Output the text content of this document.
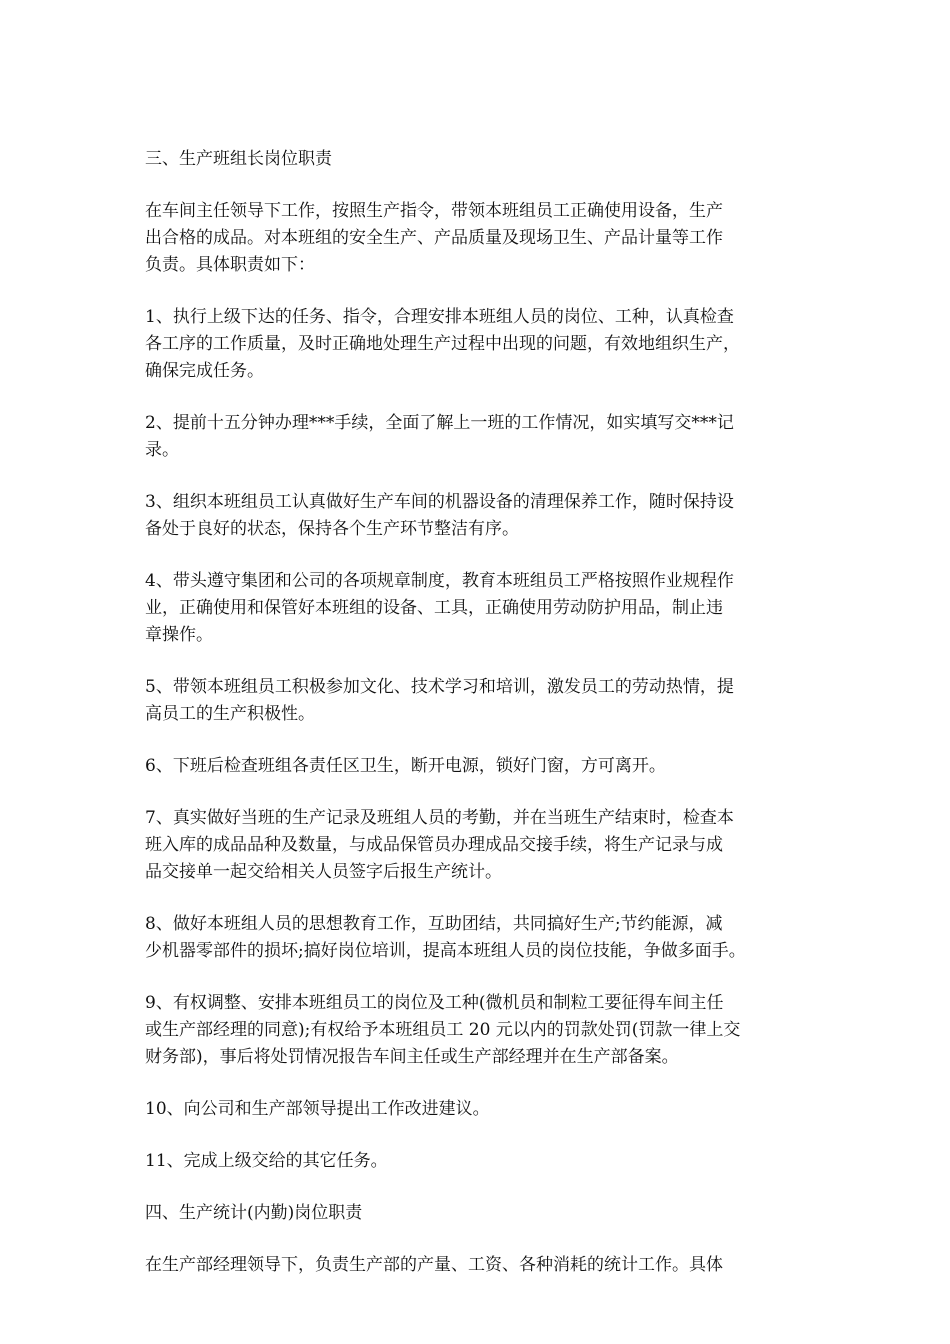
三、生产班组长岗位职责

在车间主任领导下工作，按照生产指令，带领本班组员工正确使用设备，生产
出合格的成品。对本班组的安全生产、产品质量及现场卫生、产品计量等工作
负责。具体职责如下：

1、执行上级下达的任务、指令，合理安排本班组人员的岗位、工种，认真检查
各工序的工作质量，及时正确地处理生产过程中出现的问题，有效地组织生产，
确保完成任务。

2、提前十五分钟办理***手续，全面了解上一班的工作情况，如实填写交***记
录。

3、组织本班组员工认真做好生产车间的机器设备的清理保养工作，随时保持设
备处于良好的状态，保持各个生产环节整洁有序。

4、带头遵守集团和公司的各项规章制度，教育本班组员工严格按照作业规程作
业，正确使用和保管好本班组的设备、工具，正确使用劳动防护用品，制止违
章操作。

5、带领本班组员工积极参加文化、技术学习和培训，激发员工的劳动热情，提
高员工的生产积极性。

6、下班后检查班组各责任区卫生，断开电源，锁好门窗，方可离开。

7、真实做好当班的生产记录及班组人员的考勤，并在当班生产结束时，检查本
班入库的成品品种及数量，与成品保管员办理成品交接手续，将生产记录与成
品交接单一起交给相关人员签字后报生产统计。

8、做好本班组人员的思想教育工作，互助团结，共同搞好生产;节约能源，减
少机器零部件的损坏;搞好岗位培训，提高本班组人员的岗位技能，争做多面手。

9、有权调整、安排本班组员工的岗位及工种(微机员和制粒工要征得车间主任
或生产部经理的同意);有权给予本班组员工 20 元以内的罚款处罚(罚款一律上交
财务部)，事后将处罚情况报告车间主任或生产部经理并在生产部备案。

10、向公司和生产部领导提出工作改进建议。

11、完成上级交给的其它任务。

四、生产统计(内勤)岗位职责

在生产部经理领导下，负责生产部的产量、工资、各种消耗的统计工作。具体
